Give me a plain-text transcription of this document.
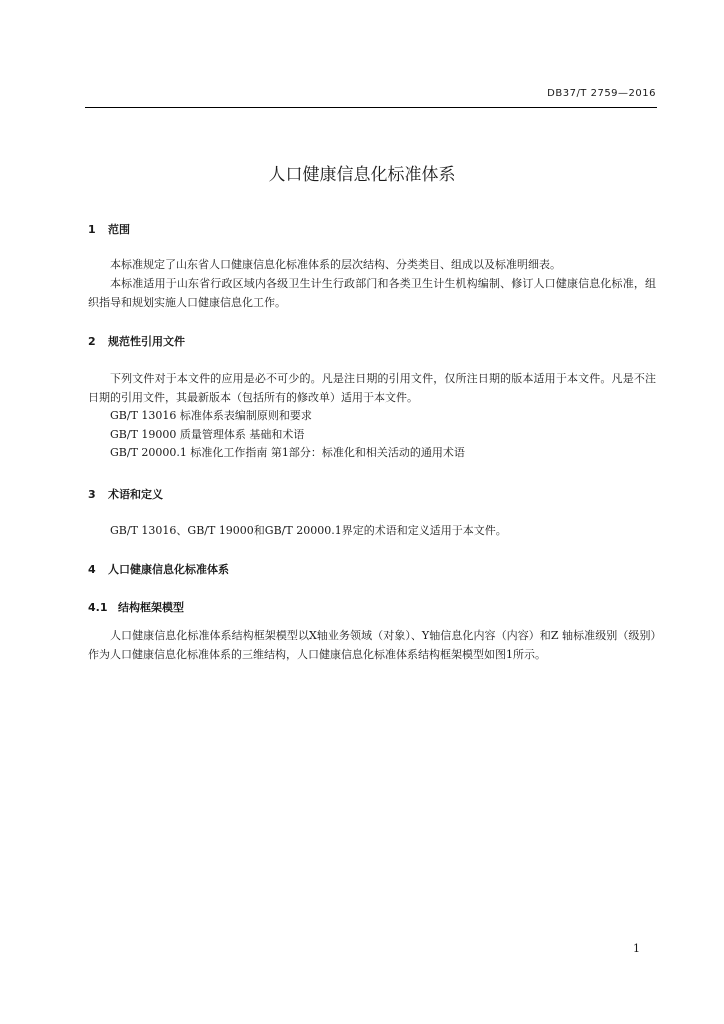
DB37/T 2759—2016
人口健康信息化标准体系
1 范围
本标准规定了山东省人口健康信息化标准体系的层次结构、分类类目、组成以及标准明细表。
本标准适用于山东省行政区域内各级卫生计生行政部门和各类卫生计生机构编制、修订人口健康信息化标准，组织指导和规划实施人口健康信息化工作。
2 规范性引用文件
下列文件对于本文件的应用是必不可少的。凡是注日期的引用文件，仅所注日期的版本适用于本文件。凡是不注日期的引用文件，其最新版本（包括所有的修改单）适用于本文件。
GB/T 13016 标准体系表编制原则和要求
GB/T 19000 质量管理体系 基础和术语
GB/T 20000.1 标准化工作指南 第1部分：标准化和相关活动的通用术语
3 术语和定义
GB/T 13016、GB/T 19000和GB/T 20000.1界定的术语和定义适用于本文件。
4 人口健康信息化标准体系
4.1 结构框架模型
人口健康信息化标准体系结构框架模型以X轴业务领域（对象）、Y轴信息化内容（内容）和Z 轴标准级别（级别）作为人口健康信息化标准体系的三维结构，人口健康信息化标准体系结构框架模型如图1所示。
1
